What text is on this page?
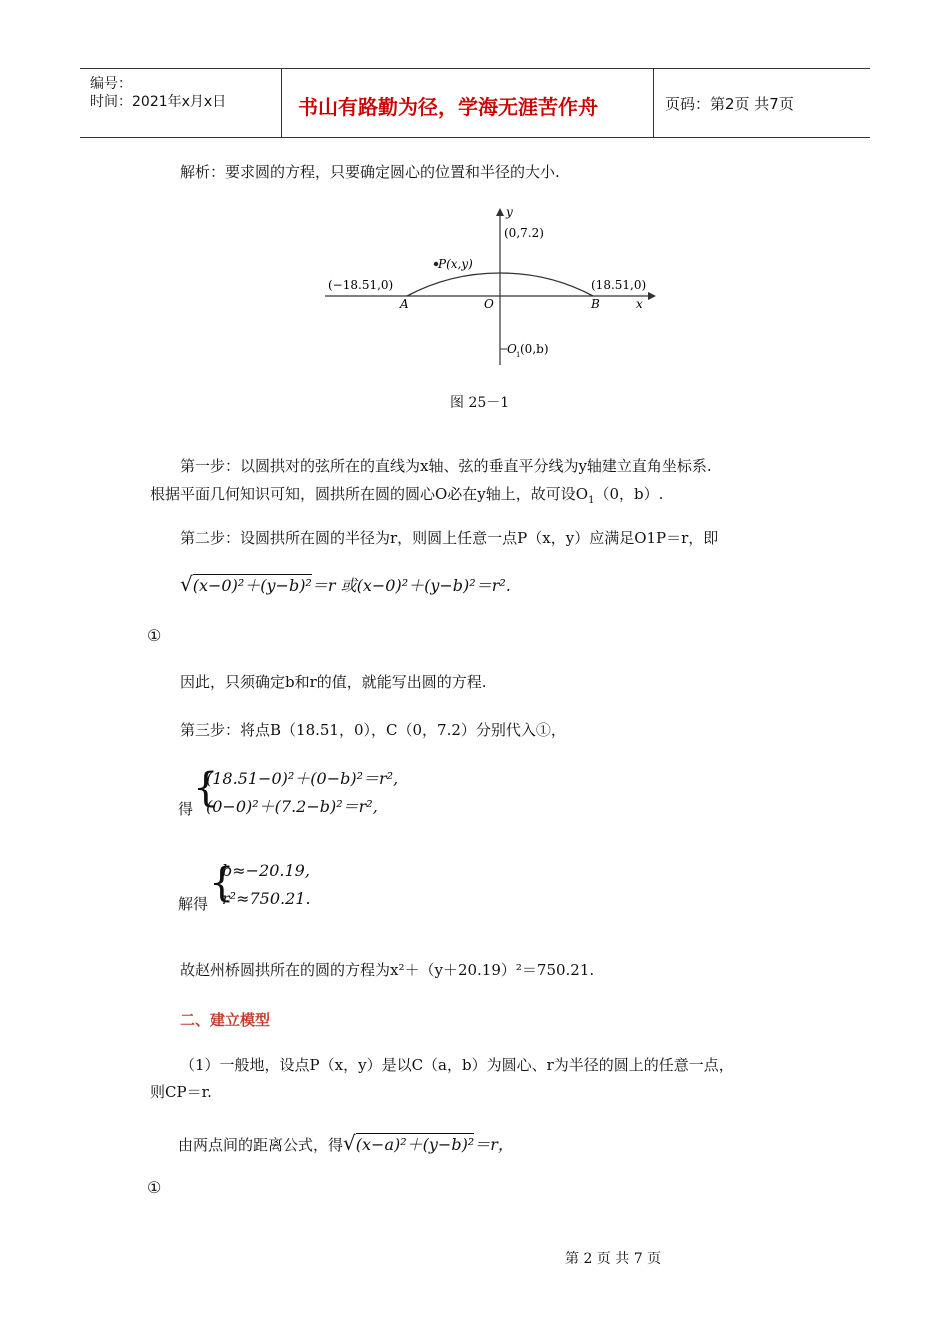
编号：
时间：2021年x月x日	书山有路勤为径，学海无涯苦作舟	页码：第2页 共7页
解析：要求圆的方程，只要确定圆心的位置和半径的大小.
y
(0,7.2)
P(x,y)
(−18.51,0)	(18.51,0)
A	O	B	x
O 1 (0,b)
图 25－1
第一步：以圆拱对的弦所在的直线为x轴、弦的垂直平分线为y轴建立直角坐标系.
根据平面几何知识可知，圆拱所在圆的圆心O必在y轴上，故可设$O_1(0$，b）.
第二步：设圆拱所在圆的半径为r，则圆上任意一点P（x，y）应满足O1P＝r，即
√(x−0)²＋(y−b)²＝r 或(x−0)²＋(y−b)²＝r².
①
因此，只须确定b和r的值，就能写出圆的方程.
第三步：将点B（18.51，0），C（0，7.2）分别代入①，
得 {
(18.51−0)²＋(0−b)²＝r²,
(0−0)²＋(7.2−b)²＝r²,
解得 {
b≈−20.19,
r²≈750.21.
故赵州桥圆拱所在的圆的方程为x²＋（y＋20.19）²＝750.21.
二、建立模型
（1）一般地，设点P（x，y）是以C（a，b）为圆心、r为半径的圆上的任意一点，
则CP＝r.
由两点间的距离公式，得√(x−a)²＋(y−b)²＝r，
①
第 2 页 共 7 页
